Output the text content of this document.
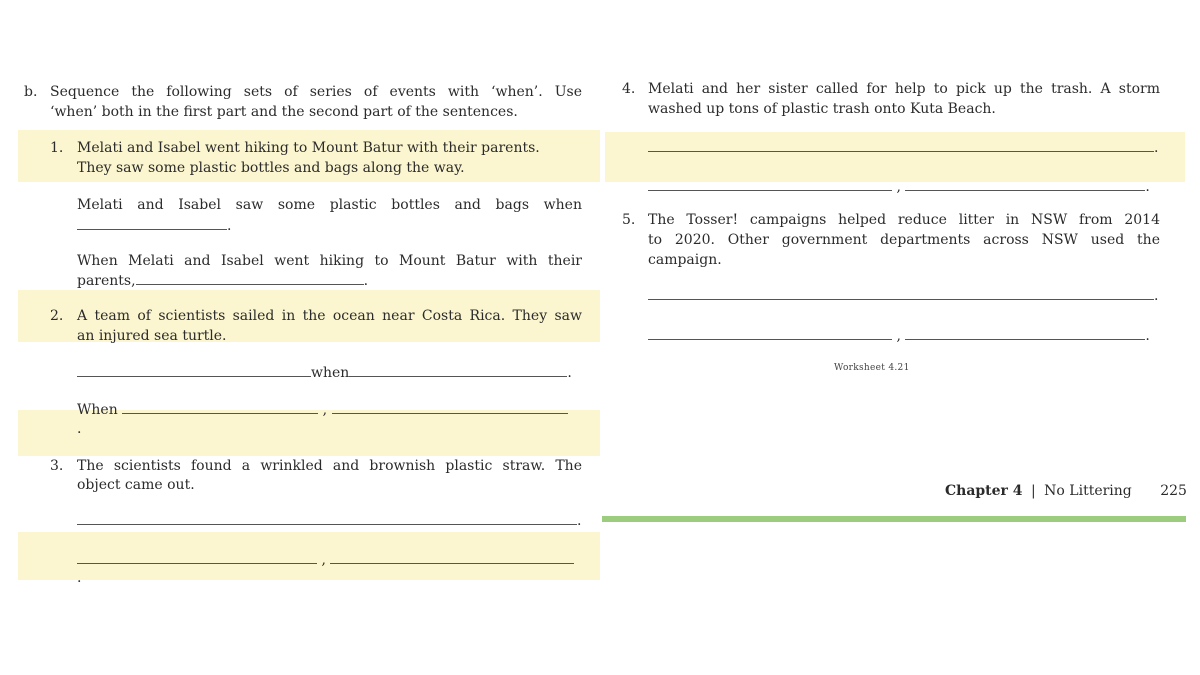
b. Sequence the following sets of series of events with ‘when’. Use
‘when’ both in the first part and the second part of the sentences.
1. Melati and Isabel went hiking to Mount Batur with their parents.
They saw some plastic bottles and bags along the way.
Melati and Isabel saw some plastic bottles and bags when
.
When Melati and Isabel went hiking to Mount Batur with their
parents,	.
2. A team of scientists sailed in the ocean near Costa Rica. They saw
an injured sea turtle.
when	.
When	,
.
3. The scientists found a wrinkled and brownish plastic straw. The
object came out.
.
,
.
4. Melati and her sister called for help to pick up the trash. A storm
washed up tons of plastic trash onto Kuta Beach.
.
,	.
5. The Tosser! campaigns helped reduce litter in NSW from 2014
to 2020. Other government departments across NSW used the
campaign.
.
,	.
Worksheet 4.21
Chapter 4 | No Littering 225
